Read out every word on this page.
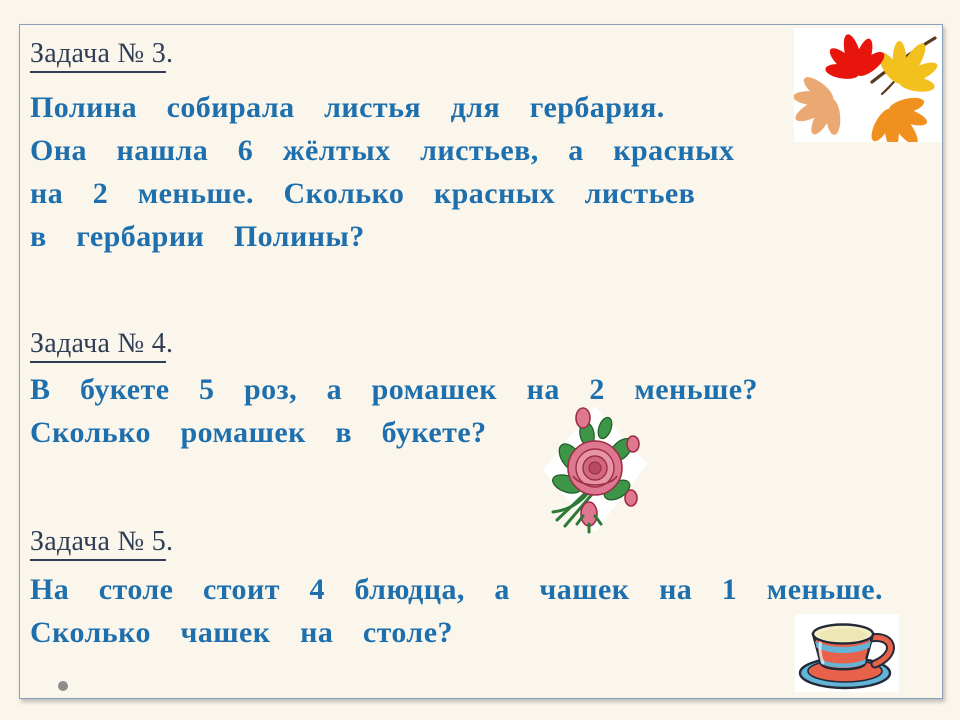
Задача № 3.
Полина собирала листья для гербария.
Она нашла 6 жёлтых листьев, а красных
на 2 меньше. Сколько красных листьев
в гербарии Полины?
Задача № 4.
В букете 5 роз, а ромашек на 2 меньше?
Сколько ромашек в букете?
Задача № 5.
На столе стоит 4 блюдца, а чашек на 1 меньше.
Сколько чашек на столе?
